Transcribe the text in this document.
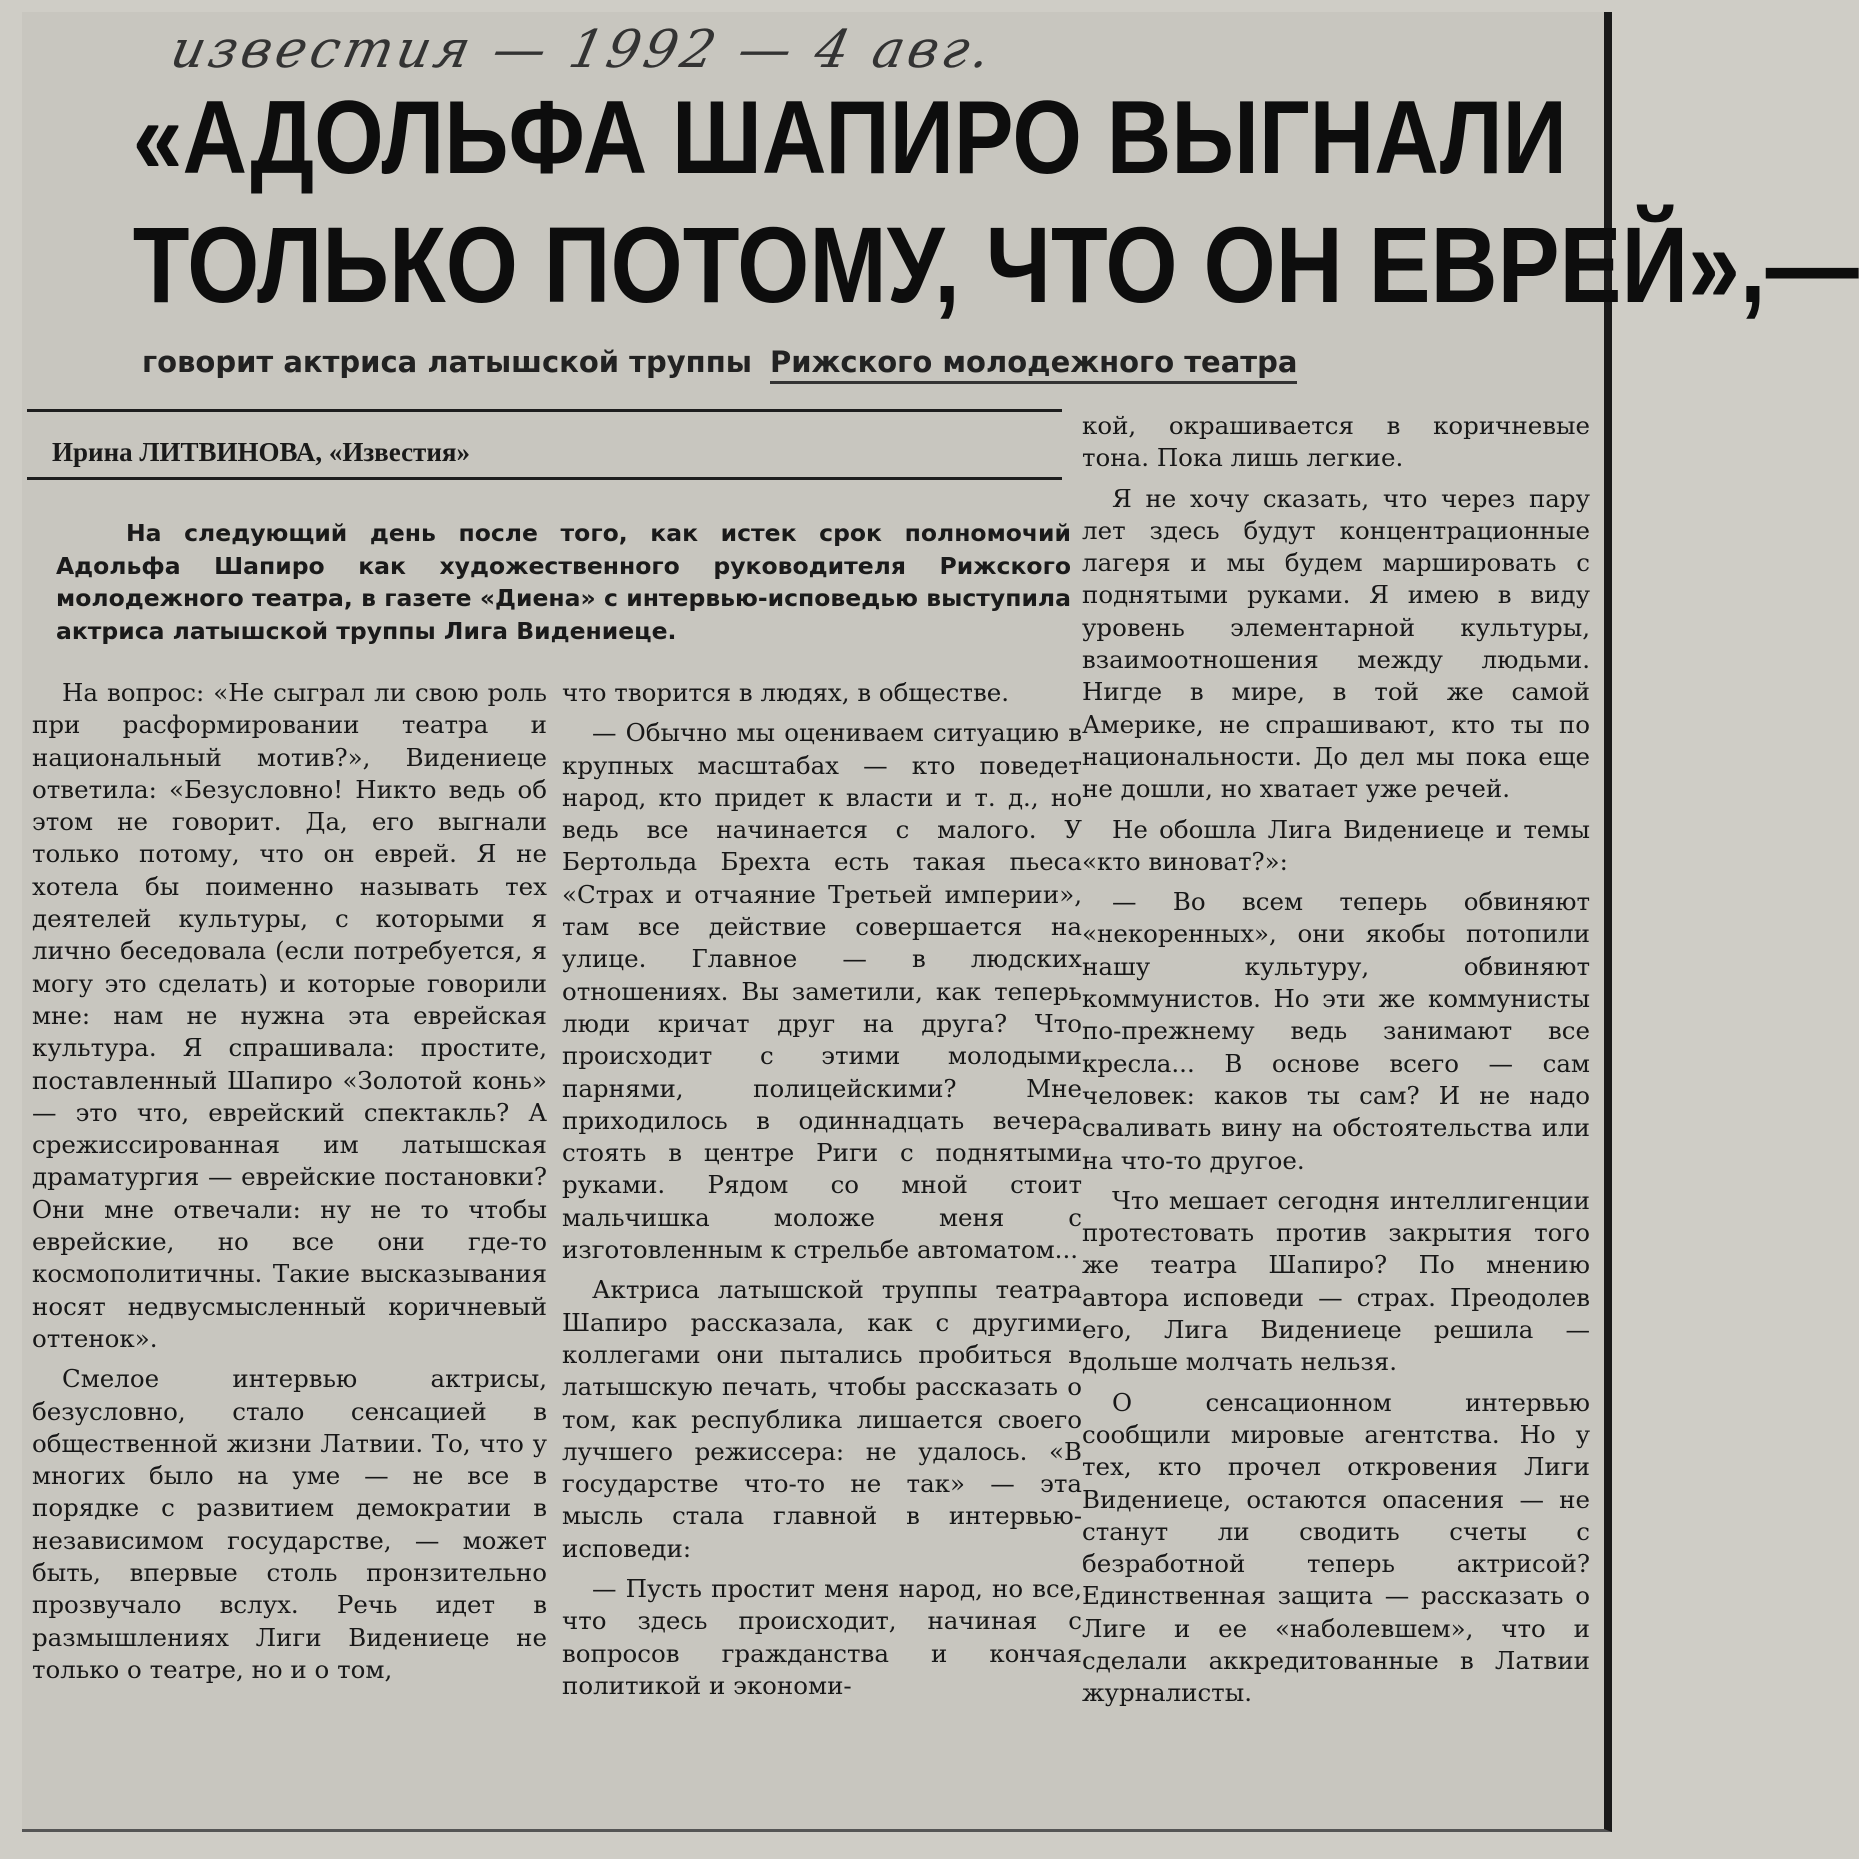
известия — 1992 — 4 авг.
«АДОЛЬФА ШАПИРО ВЫГНАЛИ
ТОЛЬКО ПОТОМУ, ЧТО ОН ЕВРЕЙ»,—
говорит актриса латышской труппы Рижского молодежного театра
Ирина ЛИТВИНОВА, «Известия»

На следующий день после того, как истек срок полномочий Адольфа Шапиро как художественного руководителя Рижского молодежного театра, в газете «Диена» с интервью-исповедью выступила актриса латышской труппы Лига Видениеце.

На вопрос: «Не сыграл ли свою роль при расформировании театра и национальный мотив?», Видениеце ответила: «Безусловно! Никто ведь об этом не говорит. Да, его выгнали только потому, что он еврей. Я не хотела бы поименно называть тех деятелей культуры, с которыми я лично беседовала (если потребуется, я могу это сделать) и которые говорили мне: нам не нужна эта еврейская культура. Я спрашивала: простите, поставленный Шапиро «Золотой конь» — это что, еврейский спектакль? А срежиссированная им латышская драматургия — еврейские постановки? Они мне отвечали: ну не то чтобы еврейские, но все они где-то космополитичны. Такие высказывания носят недвусмысленный коричневый оттенок».

Смелое интервью актрисы, безусловно, стало сенсацией в общественной жизни Латвии. То, что у многих было на уме — не все в порядке с развитием демократии в независимом государстве, — может быть, впервые столь пронзительно прозвучало вслух. Речь идет в размышлениях Лиги Видениеце не только о театре, но и о том,

что творится в людях, в обществе.

— Обычно мы оцениваем ситуацию в крупных масштабах — кто поведет народ, кто придет к власти и т. д., но ведь все начинается с малого. У Бертольда Брехта есть такая пьеса «Страх и отчаяние Третьей империи», там все действие совершается на улице. Главное — в людских отношениях. Вы заметили, как теперь люди кричат друг на друга? Что происходит с этими молодыми парнями, полицейскими? Мне приходилось в одиннадцать вечера стоять в центре Риги с поднятыми руками. Рядом со мной стоит мальчишка моложе меня с изготовленным к стрельбе автоматом...

Актриса латышской труппы театра Шапиро рассказала, как с другими коллегами они пытались пробиться в латышскую печать, чтобы рассказать о том, как республика лишается своего лучшего режиссера: не удалось. «В государстве что-то не так» — эта мысль стала главной в интервью-исповеди:

— Пусть простит меня народ, но все, что здесь происходит, начиная с вопросов гражданства и кончая политикой и экономи-

кой, окрашивается в коричневые тона. Пока лишь легкие.

Я не хочу сказать, что через пару лет здесь будут концентрационные лагеря и мы будем маршировать с поднятыми руками. Я имею в виду уровень элементарной культуры, взаимоотношения между людьми. Нигде в мире, в той же самой Америке, не спрашивают, кто ты по национальности. До дел мы пока еще не дошли, но хватает уже речей.

Не обошла Лига Видениеце и темы «кто виноват?»:

— Во всем теперь обвиняют «некоренных», они якобы потопили нашу культуру, обвиняют коммунистов. Но эти же коммунисты по-прежнему ведь занимают все кресла... В основе всего — сам человек: каков ты сам? И не надо сваливать вину на обстоятельства или на что-то другое.

Что мешает сегодня интеллигенции протестовать против закрытия того же театра Шапиро? По мнению автора исповеди — страх. Преодолев его, Лига Видениеце решила — дольше молчать нельзя.

О сенсационном интервью сообщили мировые агентства. Но у тех, кто прочел откровения Лиги Видениеце, остаются опасения — не станут ли сводить счеты с безработной теперь актрисой? Единственная защита — рассказать о Лиге и ее «наболевшем», что и сделали аккредитованные в Латвии журналисты.
